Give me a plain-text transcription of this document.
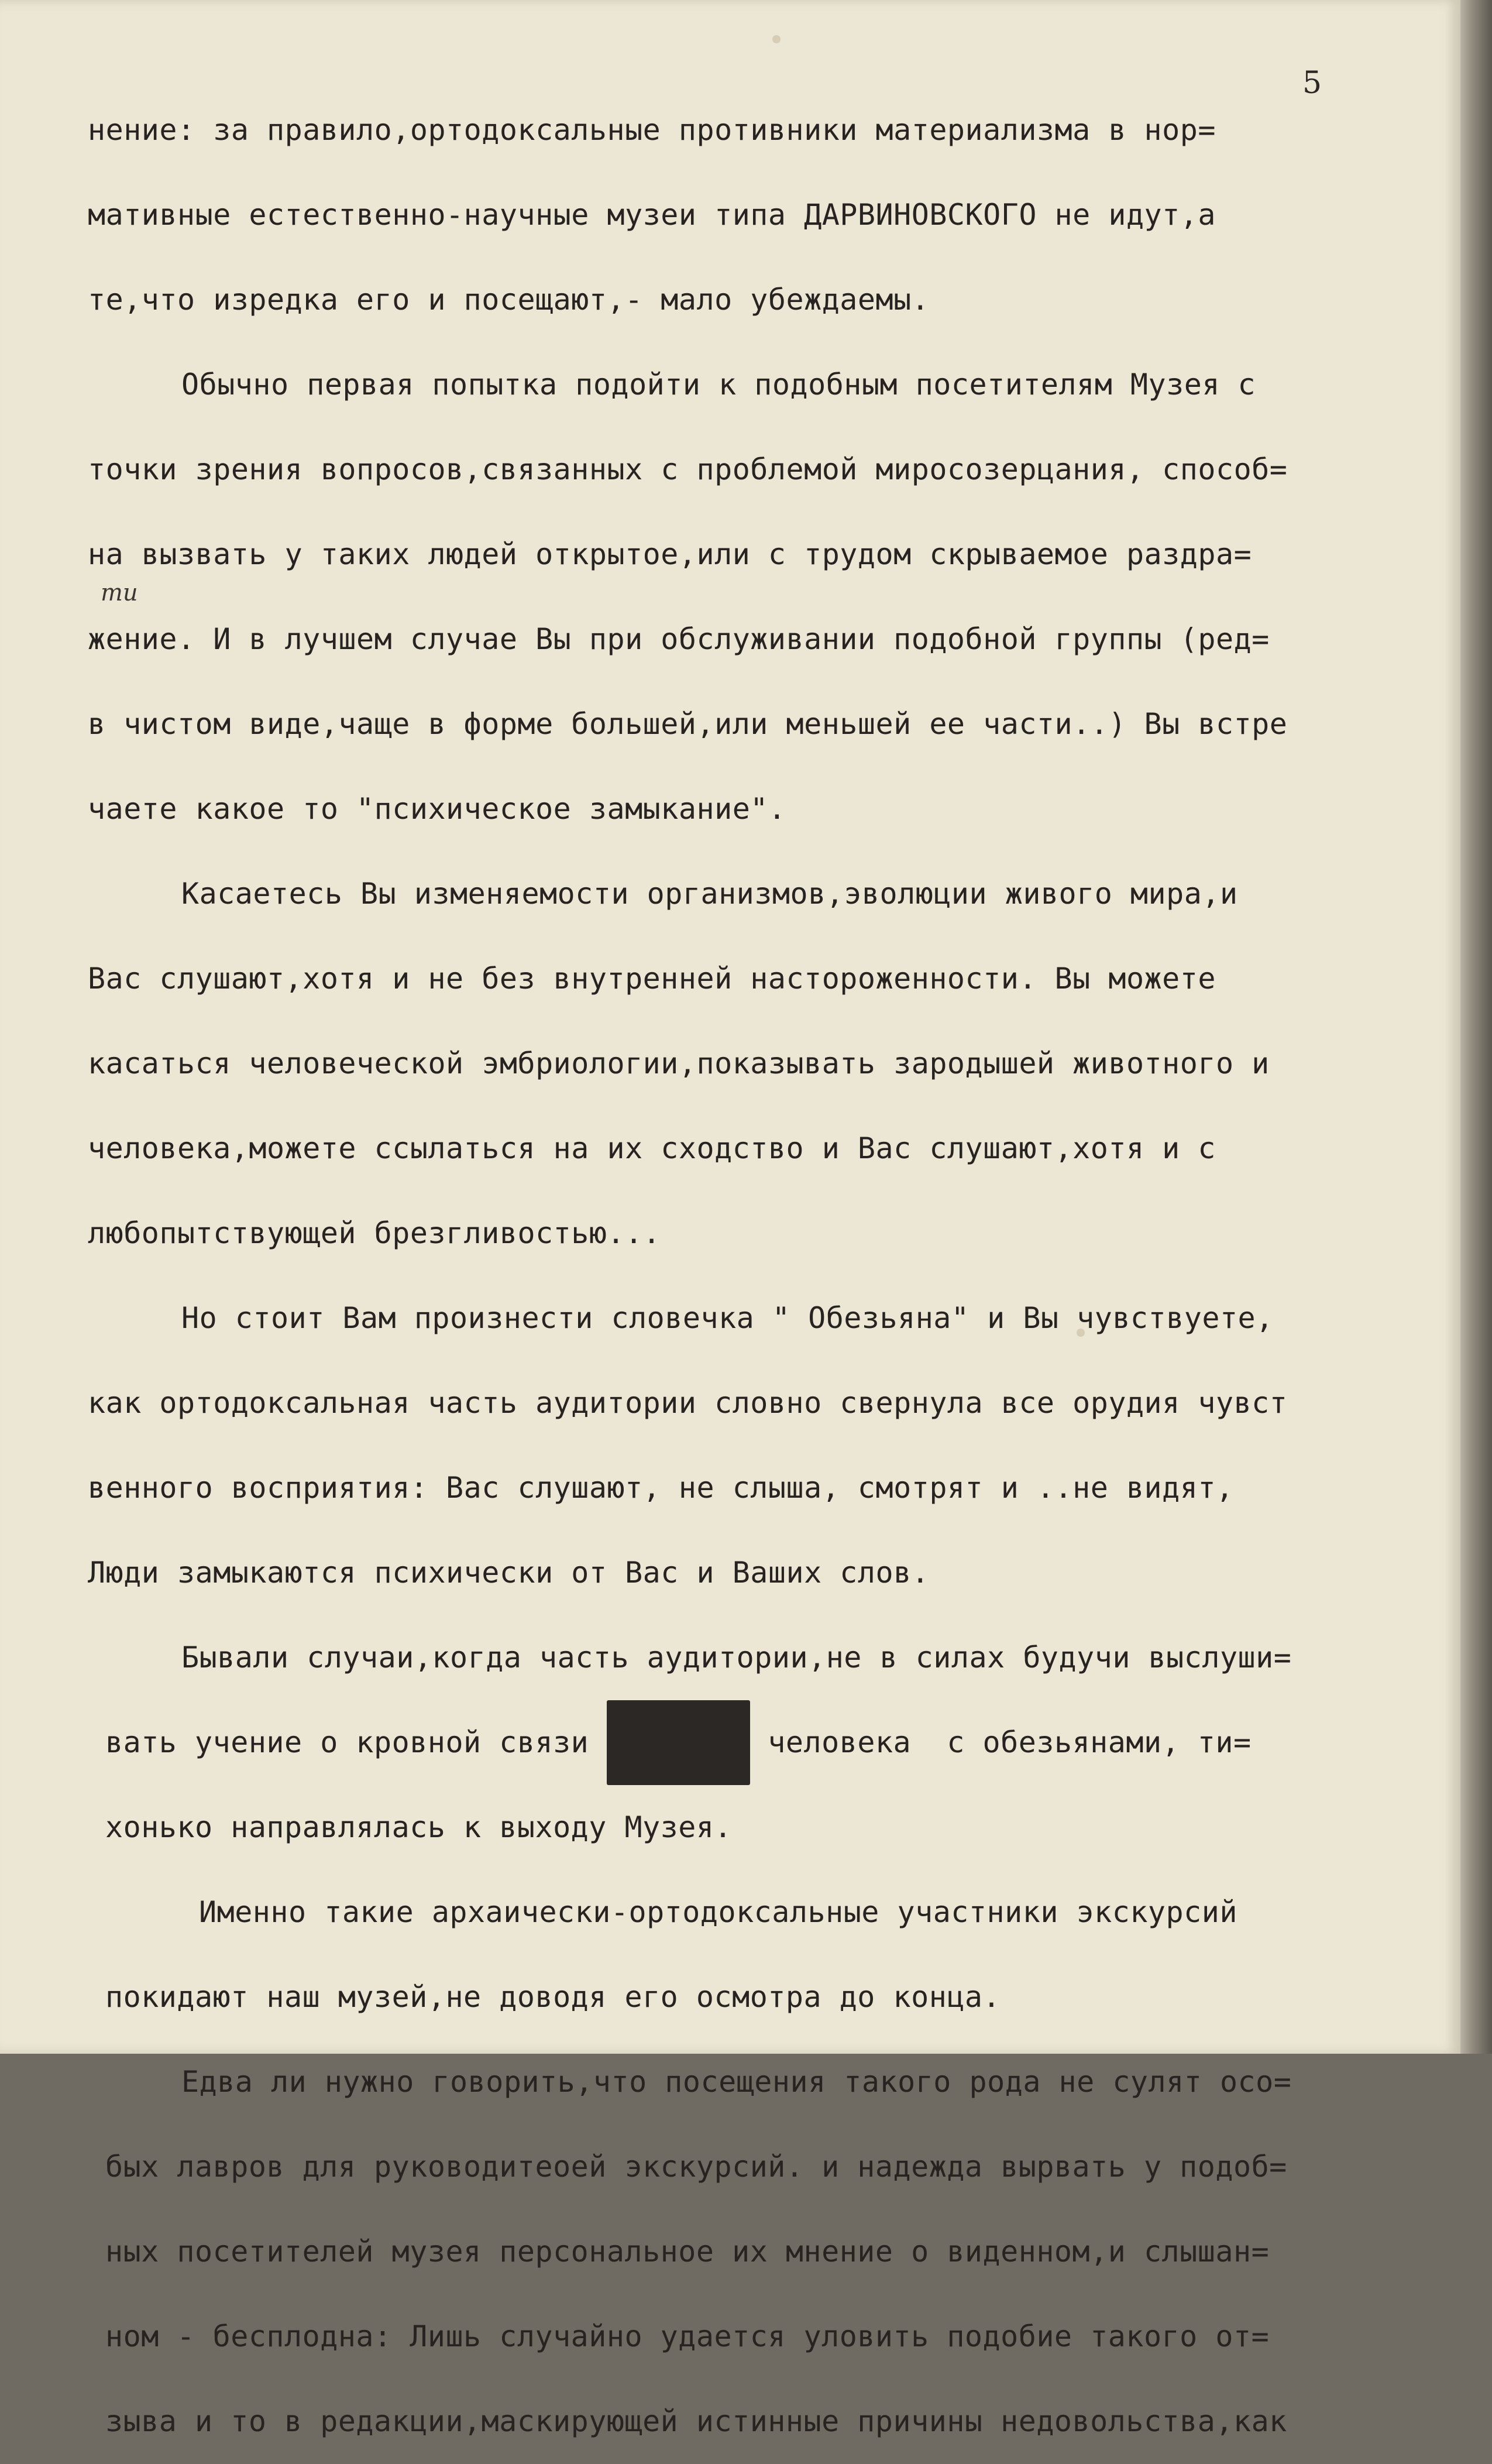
5
ти
нение: за правило,ортодоксальные противники материализма в нор=
мативные естественно-научные музеи типа ДАРВИНОВСКОГО не идут,а
те,что изредка его и посещают,- мало убеждаемы.
Обычно первая попытка подойти к подобным посетителям Музея с
точки зрения вопросов,связанных с проблемой миросозерцания, способ=
на вызвать у таких людей открытое,или с трудом скрываемое раздра=
жение. И в лучшем случае Вы при обслуживании подобной группы (ред=
в чистом виде,чаще в форме большей,или меньшей ее части..) Вы встре
чаете какое то "психическое замыкание".
Касаетесь Вы изменяемости организмов,эволюции живого мира,и
Вас слушают,хотя и не без внутренней настороженности. Вы можете
касаться человеческой эмбриологии,показывать зародышей животного и
человека,можете ссылаться на их сходство и Вас слушают,хотя и с
любопытствующей брезгливостью...
Но стоит Вам произнести словечка " Обезьяна" и Вы чувствуете,
как ортодоксальная часть аудитории словно свернула все орудия чувст
венного восприятия: Вас слушают, не слыша, смотрят и ..не видят,
Люди замыкаются психически от Вас и Ваших слов.
Бывали случаи,когда часть аудитории,не в силах будучи выслуши=
вать учение о кровной связи ХХХХХХХХ человека  с обезьянами, ти=
хонько направлялась к выходу Музея.
Именно такие архаически-ортодоксальные участники экскурсий
покидают наш музей,не доводя его осмотра до конца.
Едва ли нужно говорить,что посещения такого рода не сулят осо=
бых лавров для руководитеоей экскурсий. и надежда вырвать у подоб=
ных посетителей музея персональное их мнение о виденном,и слышан=
ном - бесплодна: Лишь случайно удается уловить подобие такого от=
зыва и то в редакции,маскирующей истинные причины недовольства,как
